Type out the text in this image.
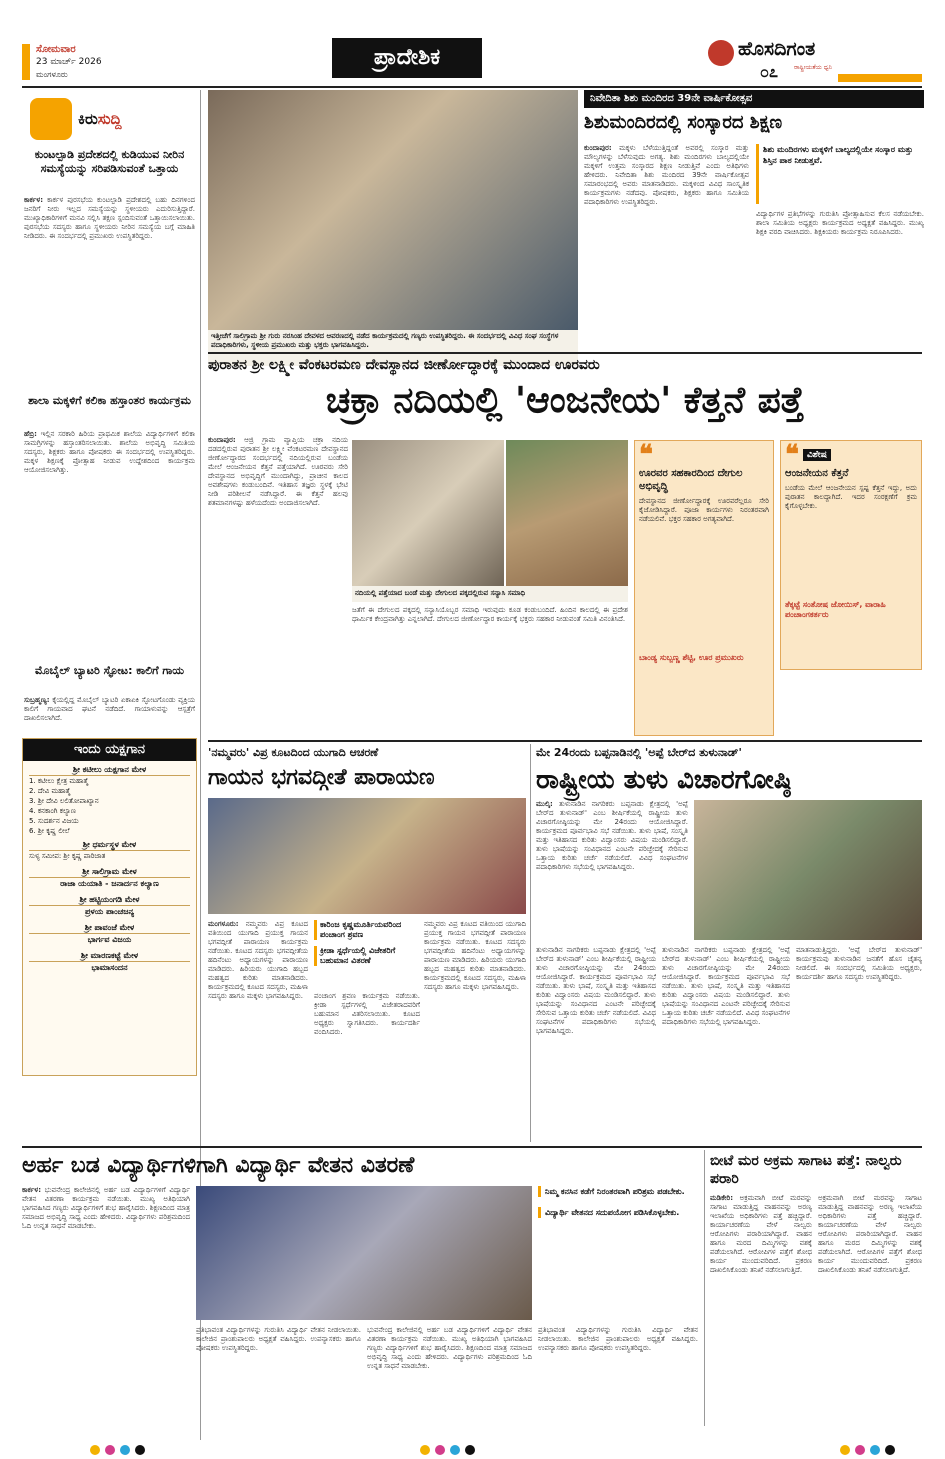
ಸೋಮವಾರ
23 ಮಾರ್ಚ್ 2026
ಮಂಗಳೂರು
ಪ್ರಾದೇಶಿಕ	ಹೊಸದಿಗಂತ
ರಾಷ್ಟ್ರೀಯತೆಯ ಧ್ವನಿ
೦೭
ಕಿರುಸುದ್ದಿ
ಕುಂಟಲ್ಪಾಡಿ ಪ್ರದೇಶದಲ್ಲಿ ಕುಡಿಯುವ ನೀರಿನ ಸಮಸ್ಯೆಯನ್ನು ಸರಿಪಡಿಸುವಂತೆ ಒತ್ತಾಯ
ಕಾರ್ಕಳ: ಕಾರ್ಕಳ ಪುರಸಭೆಯ ಕುಂಟಲ್ಪಾಡಿ ಪ್ರದೇಶದಲ್ಲಿ ಬಹು ದಿನಗಳಿಂದ ಜನರಿಗೆ ನೀರು ಇಲ್ಲದ ಸಮಸ್ಯೆಯನ್ನು ಸ್ಥಳೀಯರು ಎದುರಿಸುತ್ತಿದ್ದಾರೆ. ಮುಖ್ಯಾಧಿಕಾರಿಗಳಿಗೆ ಮನವಿ ಸಲ್ಲಿಸಿ ತಕ್ಷಣ ಸ್ಪಂದಿಸುವಂತೆ ಒತ್ತಾಯಿಸಲಾಯಿತು. ಪುರಸಭೆಯ ಸದಸ್ಯರು ಹಾಗೂ ಸ್ಥಳೀಯರು ನೀರಿನ ಸಮಸ್ಯೆಯ ಬಗ್ಗೆ ಮಾಹಿತಿ ನೀಡಿದರು. ಈ ಸಂದರ್ಭದಲ್ಲಿ ಪ್ರಮುಖರು ಉಪಸ್ಥಿತರಿದ್ದರು.
ಶಾಲಾ ಮಕ್ಕಳಿಗೆ ಕಲಿಕಾ ಹಸ್ತಾಂತರ ಕಾರ್ಯಕ್ರಮ
ಹೆಬ್ರಿ: ಇಲ್ಲಿನ ಸರಕಾರಿ ಹಿರಿಯ ಪ್ರಾಥಮಿಕ ಶಾಲೆಯ ವಿದ್ಯಾರ್ಥಿಗಳಿಗೆ ಕಲಿಕಾ ಸಾಮಗ್ರಿಗಳನ್ನು ಹಸ್ತಾಂತರಿಸಲಾಯಿತು. ಶಾಲೆಯ ಅಭಿವೃದ್ಧಿ ಸಮಿತಿಯ ಸದಸ್ಯರು, ಶಿಕ್ಷಕರು ಹಾಗೂ ಪೋಷಕರು ಈ ಸಂದರ್ಭದಲ್ಲಿ ಉಪಸ್ಥಿತರಿದ್ದರು. ಮಕ್ಕಳ ಶಿಕ್ಷಣಕ್ಕೆ ಪ್ರೋತ್ಸಾಹ ನೀಡುವ ಉದ್ದೇಶದಿಂದ ಕಾರ್ಯಕ್ರಮ ಆಯೋಜಿಸಲಾಗಿತ್ತು.
ಮೊಬೈಲ್ ಬ್ಯಾಟರಿ ಸ್ಫೋಟ: ಕಾಲಿಗೆ ಗಾಯ
ಸುಬ್ರಹ್ಮಣ್ಯ: ಕೈಯಲ್ಲಿದ್ದ ಮೊಬೈಲ್ ಬ್ಯಾಟರಿ ಏಕಾಏಕಿ ಸ್ಫೋಟಗೊಂಡು ವ್ಯಕ್ತಿಯ ಕಾಲಿಗೆ ಗಾಯವಾದ ಘಟನೆ ನಡೆದಿದೆ. ಗಾಯಾಳುವನ್ನು ಆಸ್ಪತ್ರೆಗೆ ದಾಖಲಿಸಲಾಗಿದೆ.
ಇತ್ತೀಚೆಗೆ ಸಾಲಿಗ್ರಾಮ ಶ್ರೀ ಗುರು ನರಸಿಂಹ ದೇವಳದ ಆವರಣದಲ್ಲಿ ನಡೆದ ಕಾರ್ಯಕ್ರಮದಲ್ಲಿ ಗಣ್ಯರು ಉಪಸ್ಥಿತರಿದ್ದರು. ಈ ಸಂದರ್ಭದಲ್ಲಿ ವಿವಿಧ ಸಂಘ ಸಂಸ್ಥೆಗಳ ಪದಾಧಿಕಾರಿಗಳು, ಸ್ಥಳೀಯ ಪ್ರಮುಖರು ಮತ್ತು ಭಕ್ತರು ಭಾಗವಹಿಸಿದ್ದರು.
ನಿವೇದಿತಾ ಶಿಶು ಮಂದಿರದ 39ನೇ ವಾರ್ಷಿಕೋತ್ಸವ
ಶಿಶುಮಂದಿರದಲ್ಲಿ ಸಂಸ್ಕಾರದ ಶಿಕ್ಷಣ
ಕುಂದಾಪುರ: ಮಕ್ಕಳು ಬೆಳೆಯುತ್ತಿದ್ದಂತೆ ಅವರಲ್ಲಿ ಸಂಸ್ಕಾರ ಮತ್ತು ಮೌಲ್ಯಗಳನ್ನು ಬೆಳೆಸುವುದು ಅಗತ್ಯ. ಶಿಶು ಮಂದಿರಗಳು ಬಾಲ್ಯದಲ್ಲಿಯೇ ಮಕ್ಕಳಿಗೆ ಉತ್ತಮ ಸಂಸ್ಕಾರದ ಶಿಕ್ಷಣ ನೀಡುತ್ತಿವೆ ಎಂದು ಅತಿಥಿಗಳು ಹೇಳಿದರು. ನಿವೇದಿತಾ ಶಿಶು ಮಂದಿರದ 39ನೇ ವಾರ್ಷಿಕೋತ್ಸವ ಸಮಾರಂಭದಲ್ಲಿ ಅವರು ಮಾತನಾಡಿದರು. ಮಕ್ಕಳಿಂದ ವಿವಿಧ ಸಾಂಸ್ಕೃತಿಕ ಕಾರ್ಯಕ್ರಮಗಳು ನಡೆದವು. ಪೋಷಕರು, ಶಿಕ್ಷಕರು ಹಾಗೂ ಸಮಿತಿಯ ಪದಾಧಿಕಾರಿಗಳು ಉಪಸ್ಥಿತರಿದ್ದರು.
ಶಿಶು ಮಂದಿರಗಳು ಮಕ್ಕಳಿಗೆ ಬಾಲ್ಯದಲ್ಲಿಯೇ ಸಂಸ್ಕಾರ ಮತ್ತು ಶಿಸ್ತಿನ ಪಾಠ ನೀಡುತ್ತವೆ.
ವಿದ್ಯಾರ್ಥಿಗಳ ಪ್ರತಿಭೆಗಳನ್ನು ಗುರುತಿಸಿ ಪ್ರೋತ್ಸಾಹಿಸುವ ಕೆಲಸ ನಡೆಯಬೇಕು. ಶಾಲಾ ಸಮಿತಿಯ ಅಧ್ಯಕ್ಷರು ಕಾರ್ಯಕ್ರಮದ ಅಧ್ಯಕ್ಷತೆ ವಹಿಸಿದ್ದರು. ಮುಖ್ಯ ಶಿಕ್ಷಕಿ ವರದಿ ವಾಚಿಸಿದರು. ಶಿಕ್ಷಕಿಯರು ಕಾರ್ಯಕ್ರಮ ನಿರೂಪಿಸಿದರು.
ಪುರಾತನ ಶ್ರೀ ಲಕ್ಷ್ಮೀ ವೆಂಕಟರಮಣ ದೇವಸ್ಥಾನದ ಜೀರ್ಣೋದ್ಧಾರಕ್ಕೆ ಮುಂದಾದ ಊರವರು
ಚಕ್ರಾ ನದಿಯಲ್ಲಿ 'ಆಂಜನೇಯ' ಕೆತ್ತನೆ ಪತ್ತೆ
ಕುಂದಾಪುರ: ಆಜ್ರಿ ಗ್ರಾಮ ವ್ಯಾಪ್ತಿಯ ಚಕ್ರಾ ನದಿಯ ದಡದಲ್ಲಿರುವ ಪುರಾತನ ಶ್ರೀ ಲಕ್ಷ್ಮೀ ವೆಂಕಟರಮಣ ದೇವಸ್ಥಾನದ ಜೀರ್ಣೋದ್ಧಾರದ ಸಂದರ್ಭದಲ್ಲಿ ನದಿಯಲ್ಲಿರುವ ಬಂಡೆಯ ಮೇಲೆ ಆಂಜನೇಯನ ಕೆತ್ತನೆ ಪತ್ತೆಯಾಗಿದೆ. ಊರವರು ಸೇರಿ ದೇವಸ್ಥಾನದ ಅಭಿವೃದ್ಧಿಗೆ ಮುಂದಾಗಿದ್ದು, ಪ್ರಾಚೀನ ಕಾಲದ ಅವಶೇಷಗಳು ಕಂಡುಬಂದಿವೆ. ಇತಿಹಾಸ ತಜ್ಞರು ಸ್ಥಳಕ್ಕೆ ಭೇಟಿ ನೀಡಿ ಪರಿಶೀಲನೆ ನಡೆಸಿದ್ದಾರೆ. ಈ ಕೆತ್ತನೆ ಹಲವು ಶತಮಾನಗಳಷ್ಟು ಹಳೆಯದೆಂದು ಅಂದಾಜಿಸಲಾಗಿದೆ.
ನದಿಯಲ್ಲಿ ಪತ್ತೆಯಾದ ಬಂಡೆ ಮತ್ತು ದೇಗುಲದ ಪಕ್ಕದಲ್ಲಿರುವ ಸನ್ಯಾಸಿ ಸಮಾಧಿ
ಜತೆಗೆ ಈ ದೇಗುಲದ ಪಕ್ಕದಲ್ಲಿ ಸನ್ಯಾಸಿಯೊಬ್ಬರ ಸಮಾಧಿ ಇರುವುದು ಕೂಡ ಕಂಡುಬಂದಿದೆ. ಹಿಂದಿನ ಕಾಲದಲ್ಲಿ ಈ ಪ್ರದೇಶ ಧಾರ್ಮಿಕ ಕೇಂದ್ರವಾಗಿತ್ತು ಎನ್ನಲಾಗಿದೆ. ದೇಗುಲದ ಜೀರ್ಣೋದ್ಧಾರ ಕಾರ್ಯಕ್ಕೆ ಭಕ್ತರು ಸಹಕಾರ ನೀಡುವಂತೆ ಸಮಿತಿ ವಿನಂತಿಸಿದೆ.
❝
ಊರವರ ಸಹಕಾರದಿಂದ ದೇಗುಲ ಅಭಿವೃದ್ಧಿ
ದೇವಸ್ಥಾನದ ಜೀರ್ಣೋದ್ಧಾರಕ್ಕೆ ಊರವರೆಲ್ಲರೂ ಸೇರಿ ಕೈಜೋಡಿಸಿದ್ದಾರೆ. ಪೂಜಾ ಕಾರ್ಯಗಳು ನಿರಂತರವಾಗಿ ನಡೆಯಲಿವೆ. ಭಕ್ತರ ಸಹಕಾರ ಅಗತ್ಯವಾಗಿದೆ.
ಬಾಂಡ್ಯ ಸುಬ್ಬಣ್ಣ ಶೆಟ್ಟಿ, ಊರ ಪ್ರಮುಖರು
❝ ವಿಶೇಷ
ಆಂಜನೇಯನ ಕೆತ್ತನೆ
ಬಂಡೆಯ ಮೇಲೆ ಆಂಜನೇಯನ ಸ್ಪಷ್ಟ ಕೆತ್ತನೆ ಇದ್ದು, ಅದು ಪುರಾತನ ಕಾಲದ್ದಾಗಿದೆ. ಇದರ ಸಂರಕ್ಷಣೆಗೆ ಕ್ರಮ ಕೈಗೊಳ್ಳಬೇಕು.
ತೆಕ್ಕಟ್ಟೆ ಸಂತೋಷ ಜೋಯಿಸ್, ವಾರಾಹಿ ಪಂಚಾಂಗಕರ್ತರು
ಇಂದು ಯಕ್ಷಗಾನ
ಶ್ರೀ ಕಟೀಲು ಯಕ್ಷಗಾನ ಮೇಳ
1. ಕಟೀಲು ಕ್ಷೇತ್ರ ಮಹಾತ್ಮೆ
2. ದೇವಿ ಮಹಾತ್ಮೆ
3. ಶ್ರೀ ದೇವಿ ಲಲಿತೋಪಾಖ್ಯಾನ
4. ಕನಕಾಂಗಿ ಕಲ್ಯಾಣ
5. ಸುದರ್ಶನ ವಿಜಯ
6. ಶ್ರೀ ಕೃಷ್ಣ ಲೀಲೆ
ಶ್ರೀ ಧರ್ಮಸ್ಥಳ ಮೇಳ
ಸುಳ್ಯ ಸಮೀಪ: ಶ್ರೀ ಕೃಷ್ಣ ಪಾರಿಜಾತ
ಶ್ರೀ ಸಾಲಿಗ್ರಾಮ ಮೇಳ
ರಾಜಾ ಯಯಾತಿ - ಜನಾರ್ದನ ಕಲ್ಯಾಣ
ಶ್ರೀ ಹಟ್ಟಿಯಂಗಡಿ ಮೇಳ
ಪ್ರಳಯ ಪಾಂಚಜನ್ಯ
ಶ್ರೀ ಪಾವಂಜೆ ಮೇಳ
ಭಾರ್ಗವ ವಿಜಯ
ಶ್ರೀ ಮಾರಣಕಟ್ಟೆ ಮೇಳ
ಭಾಮಾಸಂದನ
'ನಮ್ಮವರು' ವಿಪ್ರ ಕೂಟದಿಂದ ಯುಗಾದಿ ಆಚರಣೆ
ಗಾಯನ ಭಗವದ್ಗೀತೆ ಪಾರಾಯಣ
ಮಂಗಳೂರು: ನಮ್ಮವರು ವಿಪ್ರ ಕೂಟದ ವತಿಯಿಂದ ಯುಗಾದಿ ಪ್ರಯುಕ್ತ ಗಾಯನ ಭಗವದ್ಗೀತೆ ಪಾರಾಯಣ ಕಾರ್ಯಕ್ರಮ ನಡೆಯಿತು. ಕೂಟದ ಸದಸ್ಯರು ಭಗವದ್ಗೀತೆಯ ಹದಿನೆಂಟು ಅಧ್ಯಾಯಗಳನ್ನು ಪಾರಾಯಣ ಮಾಡಿದರು. ಹಿರಿಯರು ಯುಗಾದಿ ಹಬ್ಬದ ಮಹತ್ವದ ಕುರಿತು ಮಾತನಾಡಿದರು. ಕಾರ್ಯಕ್ರಮದಲ್ಲಿ ಕೂಟದ ಸದಸ್ಯರು, ಮಹಿಳಾ ಸದಸ್ಯರು ಹಾಗೂ ಮಕ್ಕಳು ಭಾಗವಹಿಸಿದ್ದರು.
ಕಾರಿಂಜ ಕೃಷ್ಣಮೂರ್ತಿಯವರಿಂದ ಪಂಚಾಂಗ ಶ್ರವಣ
ಕ್ರೀಡಾ ಸ್ಪರ್ಧೆಯಲ್ಲಿ ವಿಜೇತರಿಗೆ ಬಹುಮಾನ ವಿತರಣೆ
ಪಂಚಾಂಗ ಶ್ರವಣ ಕಾರ್ಯಕ್ರಮ ನಡೆಯಿತು. ಕ್ರೀಡಾ ಸ್ಪರ್ಧೆಗಳಲ್ಲಿ ವಿಜೇತರಾದವರಿಗೆ ಬಹುಮಾನ ವಿತರಿಸಲಾಯಿತು. ಕೂಟದ ಅಧ್ಯಕ್ಷರು ಸ್ವಾಗತಿಸಿದರು. ಕಾರ್ಯದರ್ಶಿ ವಂದಿಸಿದರು.
ನಮ್ಮವರು ವಿಪ್ರ ಕೂಟದ ವತಿಯಿಂದ ಯುಗಾದಿ ಪ್ರಯುಕ್ತ ಗಾಯನ ಭಗವದ್ಗೀತೆ ಪಾರಾಯಣ ಕಾರ್ಯಕ್ರಮ ನಡೆಯಿತು. ಕೂಟದ ಸದಸ್ಯರು ಭಗವದ್ಗೀತೆಯ ಹದಿನೆಂಟು ಅಧ್ಯಾಯಗಳನ್ನು ಪಾರಾಯಣ ಮಾಡಿದರು. ಹಿರಿಯರು ಯುಗಾದಿ ಹಬ್ಬದ ಮಹತ್ವದ ಕುರಿತು ಮಾತನಾಡಿದರು. ಕಾರ್ಯಕ್ರಮದಲ್ಲಿ ಕೂಟದ ಸದಸ್ಯರು, ಮಹಿಳಾ ಸದಸ್ಯರು ಹಾಗೂ ಮಕ್ಕಳು ಭಾಗವಹಿಸಿದ್ದರು.
ಮೇ 24ರಂದು ಬಪ್ಪನಾಡಿನಲ್ಲಿ 'ಅಪ್ಪೆ ಬೇರ್‌ದ ತುಳುನಾಡ್'
ರಾಷ್ಟ್ರೀಯ ತುಳು ವಿಚಾರಗೋಷ್ಠಿ
ಮುಲ್ಕಿ: ತುಳುನಾಡಿನ ನಾಗರಿಕರು ಬಪ್ಪನಾಡು ಕ್ಷೇತ್ರದಲ್ಲಿ 'ಅಪ್ಪೆ ಬೇರ್‌ದ ತುಳುನಾಡ್' ಎಂಬ ಶೀರ್ಷಿಕೆಯಲ್ಲಿ ರಾಷ್ಟ್ರೀಯ ತುಳು ವಿಚಾರಗೋಷ್ಠಿಯನ್ನು ಮೇ 24ರಂದು ಆಯೋಜಿಸಿದ್ದಾರೆ. ಕಾರ್ಯಕ್ರಮದ ಪೂರ್ವಭಾವಿ ಸಭೆ ನಡೆಯಿತು. ತುಳು ಭಾಷೆ, ಸಂಸ್ಕೃತಿ ಮತ್ತು ಇತಿಹಾಸದ ಕುರಿತು ವಿದ್ವಾಂಸರು ವಿಷಯ ಮಂಡಿಸಲಿದ್ದಾರೆ. ತುಳು ಭಾಷೆಯನ್ನು ಸಂವಿಧಾನದ ಎಂಟನೇ ಪರಿಚ್ಛೇದಕ್ಕೆ ಸೇರಿಸುವ ಒತ್ತಾಯ ಕುರಿತು ಚರ್ಚೆ ನಡೆಯಲಿದೆ. ವಿವಿಧ ಸಂಘಟನೆಗಳ ಪದಾಧಿಕಾರಿಗಳು ಸಭೆಯಲ್ಲಿ ಭಾಗವಹಿಸಿದ್ದರು.
ತುಳುನಾಡಿನ ನಾಗರಿಕರು ಬಪ್ಪನಾಡು ಕ್ಷೇತ್ರದಲ್ಲಿ 'ಅಪ್ಪೆ ಬೇರ್‌ದ ತುಳುನಾಡ್' ಎಂಬ ಶೀರ್ಷಿಕೆಯಲ್ಲಿ ರಾಷ್ಟ್ರೀಯ ತುಳು ವಿಚಾರಗೋಷ್ಠಿಯನ್ನು ಮೇ 24ರಂದು ಆಯೋಜಿಸಿದ್ದಾರೆ. ಕಾರ್ಯಕ್ರಮದ ಪೂರ್ವಭಾವಿ ಸಭೆ ನಡೆಯಿತು. ತುಳು ಭಾಷೆ, ಸಂಸ್ಕೃತಿ ಮತ್ತು ಇತಿಹಾಸದ ಕುರಿತು ವಿದ್ವಾಂಸರು ವಿಷಯ ಮಂಡಿಸಲಿದ್ದಾರೆ. ತುಳು ಭಾಷೆಯನ್ನು ಸಂವಿಧಾನದ ಎಂಟನೇ ಪರಿಚ್ಛೇದಕ್ಕೆ ಸೇರಿಸುವ ಒತ್ತಾಯ ಕುರಿತು ಚರ್ಚೆ ನಡೆಯಲಿದೆ. ವಿವಿಧ ಸಂಘಟನೆಗಳ ಪದಾಧಿಕಾರಿಗಳು ಸಭೆಯಲ್ಲಿ ಭಾಗವಹಿಸಿದ್ದರು.
ತುಳುನಾಡಿನ ನಾಗರಿಕರು ಬಪ್ಪನಾಡು ಕ್ಷೇತ್ರದಲ್ಲಿ 'ಅಪ್ಪೆ ಬೇರ್‌ದ ತುಳುನಾಡ್' ಎಂಬ ಶೀರ್ಷಿಕೆಯಲ್ಲಿ ರಾಷ್ಟ್ರೀಯ ತುಳು ವಿಚಾರಗೋಷ್ಠಿಯನ್ನು ಮೇ 24ರಂದು ಆಯೋಜಿಸಿದ್ದಾರೆ. ಕಾರ್ಯಕ್ರಮದ ಪೂರ್ವಭಾವಿ ಸಭೆ ನಡೆಯಿತು. ತುಳು ಭಾಷೆ, ಸಂಸ್ಕೃತಿ ಮತ್ತು ಇತಿಹಾಸದ ಕುರಿತು ವಿದ್ವಾಂಸರು ವಿಷಯ ಮಂಡಿಸಲಿದ್ದಾರೆ. ತುಳು ಭಾಷೆಯನ್ನು ಸಂವಿಧಾನದ ಎಂಟನೇ ಪರಿಚ್ಛೇದಕ್ಕೆ ಸೇರಿಸುವ ಒತ್ತಾಯ ಕುರಿತು ಚರ್ಚೆ ನಡೆಯಲಿದೆ. ವಿವಿಧ ಸಂಘಟನೆಗಳ ಪದಾಧಿಕಾರಿಗಳು ಸಭೆಯಲ್ಲಿ ಭಾಗವಹಿಸಿದ್ದರು.
ಮಾತನಾಡುತ್ತಿದ್ದರು. 'ಅಪ್ಪೆ ಬೇರ್‌ದ ತುಳುನಾಡ್' ಕಾರ್ಯಕ್ರಮವು ತುಳುನಾಡಿನ ಜನತೆಗೆ ಹೊಸ ಚೈತನ್ಯ ನೀಡಲಿದೆ. ಈ ಸಂದರ್ಭದಲ್ಲಿ ಸಮಿತಿಯ ಅಧ್ಯಕ್ಷರು, ಕಾರ್ಯದರ್ಶಿ ಹಾಗೂ ಸದಸ್ಯರು ಉಪಸ್ಥಿತರಿದ್ದರು.
ಅರ್ಹ ಬಡ ವಿದ್ಯಾರ್ಥಿಗಳಿಗಾಗಿ ವಿದ್ಯಾರ್ಥಿ ವೇತನ ವಿತರಣೆ
ಕಾರ್ಕಳ: ಭುವನೇಂದ್ರ ಕಾಲೇಜಿನಲ್ಲಿ ಅರ್ಹ ಬಡ ವಿದ್ಯಾರ್ಥಿಗಳಿಗೆ ವಿದ್ಯಾರ್ಥಿ ವೇತನ ವಿತರಣಾ ಕಾರ್ಯಕ್ರಮ ನಡೆಯಿತು. ಮುಖ್ಯ ಅತಿಥಿಯಾಗಿ ಭಾಗವಹಿಸಿದ ಗಣ್ಯರು ವಿದ್ಯಾರ್ಥಿಗಳಿಗೆ ಶುಭ ಹಾರೈಸಿದರು. ಶಿಕ್ಷಣದಿಂದ ಮಾತ್ರ ಸಮಾಜದ ಅಭಿವೃದ್ಧಿ ಸಾಧ್ಯ ಎಂದು ಹೇಳಿದರು. ವಿದ್ಯಾರ್ಥಿಗಳು ಪರಿಶ್ರಮದಿಂದ ಓದಿ ಉನ್ನತ ಸಾಧನೆ ಮಾಡಬೇಕು.
ನಿಮ್ಮ ಕನಸಿನ ಕಡೆಗೆ ನಿರಂತರವಾಗಿ ಪರಿಶ್ರಮ ಪಡಬೇಕು.
ವಿದ್ಯಾರ್ಥಿ ವೇತನದ ಸದುಪಯೋಗ ಪಡಿಸಿಕೊಳ್ಳಬೇಕು.
ಪ್ರತಿಭಾವಂತ ವಿದ್ಯಾರ್ಥಿಗಳನ್ನು ಗುರುತಿಸಿ ವಿದ್ಯಾರ್ಥಿ ವೇತನ ನೀಡಲಾಯಿತು. ಕಾಲೇಜಿನ ಪ್ರಾಂಶುಪಾಲರು ಅಧ್ಯಕ್ಷತೆ ವಹಿಸಿದ್ದರು. ಉಪನ್ಯಾಸಕರು ಹಾಗೂ ಪೋಷಕರು ಉಪಸ್ಥಿತರಿದ್ದರು.
ಭುವನೇಂದ್ರ ಕಾಲೇಜಿನಲ್ಲಿ ಅರ್ಹ ಬಡ ವಿದ್ಯಾರ್ಥಿಗಳಿಗೆ ವಿದ್ಯಾರ್ಥಿ ವೇತನ ವಿತರಣಾ ಕಾರ್ಯಕ್ರಮ ನಡೆಯಿತು. ಮುಖ್ಯ ಅತಿಥಿಯಾಗಿ ಭಾಗವಹಿಸಿದ ಗಣ್ಯರು ವಿದ್ಯಾರ್ಥಿಗಳಿಗೆ ಶುಭ ಹಾರೈಸಿದರು. ಶಿಕ್ಷಣದಿಂದ ಮಾತ್ರ ಸಮಾಜದ ಅಭಿವೃದ್ಧಿ ಸಾಧ್ಯ ಎಂದು ಹೇಳಿದರು. ವಿದ್ಯಾರ್ಥಿಗಳು ಪರಿಶ್ರಮದಿಂದ ಓದಿ ಉನ್ನತ ಸಾಧನೆ ಮಾಡಬೇಕು.
ಪ್ರತಿಭಾವಂತ ವಿದ್ಯಾರ್ಥಿಗಳನ್ನು ಗುರುತಿಸಿ ವಿದ್ಯಾರ್ಥಿ ವೇತನ ನೀಡಲಾಯಿತು. ಕಾಲೇಜಿನ ಪ್ರಾಂಶುಪಾಲರು ಅಧ್ಯಕ್ಷತೆ ವಹಿಸಿದ್ದರು. ಉಪನ್ಯಾಸಕರು ಹಾಗೂ ಪೋಷಕರು ಉಪಸ್ಥಿತರಿದ್ದರು.
ಬೀಟೆ ಮರ ಅಕ್ರಮ ಸಾಗಾಟ ಪತ್ತೆ: ನಾಲ್ವರು ಪರಾರಿ
ಮಡಿಕೇರಿ: ಅಕ್ರಮವಾಗಿ ಬೀಟೆ ಮರವನ್ನು ಸಾಗಾಟ ಮಾಡುತ್ತಿದ್ದ ವಾಹನವನ್ನು ಅರಣ್ಯ ಇಲಾಖೆಯ ಅಧಿಕಾರಿಗಳು ಪತ್ತೆ ಹಚ್ಚಿದ್ದಾರೆ. ಕಾರ್ಯಾಚರಣೆಯ ವೇಳೆ ನಾಲ್ವರು ಆರೋಪಿಗಳು ಪರಾರಿಯಾಗಿದ್ದಾರೆ. ವಾಹನ ಹಾಗೂ ಮರದ ದಿಮ್ಮಿಗಳನ್ನು ವಶಕ್ಕೆ ಪಡೆಯಲಾಗಿದೆ. ಆರೋಪಿಗಳ ಪತ್ತೆಗೆ ಶೋಧ ಕಾರ್ಯ ಮುಂದುವರಿದಿದೆ. ಪ್ರಕರಣ ದಾಖಲಿಸಿಕೊಂಡು ತನಿಖೆ ನಡೆಸಲಾಗುತ್ತಿದೆ.
ಅಕ್ರಮವಾಗಿ ಬೀಟೆ ಮರವನ್ನು ಸಾಗಾಟ ಮಾಡುತ್ತಿದ್ದ ವಾಹನವನ್ನು ಅರಣ್ಯ ಇಲಾಖೆಯ ಅಧಿಕಾರಿಗಳು ಪತ್ತೆ ಹಚ್ಚಿದ್ದಾರೆ. ಕಾರ್ಯಾಚರಣೆಯ ವೇಳೆ ನಾಲ್ವರು ಆರೋಪಿಗಳು ಪರಾರಿಯಾಗಿದ್ದಾರೆ. ವಾಹನ ಹಾಗೂ ಮರದ ದಿಮ್ಮಿಗಳನ್ನು ವಶಕ್ಕೆ ಪಡೆಯಲಾಗಿದೆ. ಆರೋಪಿಗಳ ಪತ್ತೆಗೆ ಶೋಧ ಕಾರ್ಯ ಮುಂದುವರಿದಿದೆ. ಪ್ರಕರಣ ದಾಖಲಿಸಿಕೊಂಡು ತನಿಖೆ ನಡೆಸಲಾಗುತ್ತಿದೆ.
